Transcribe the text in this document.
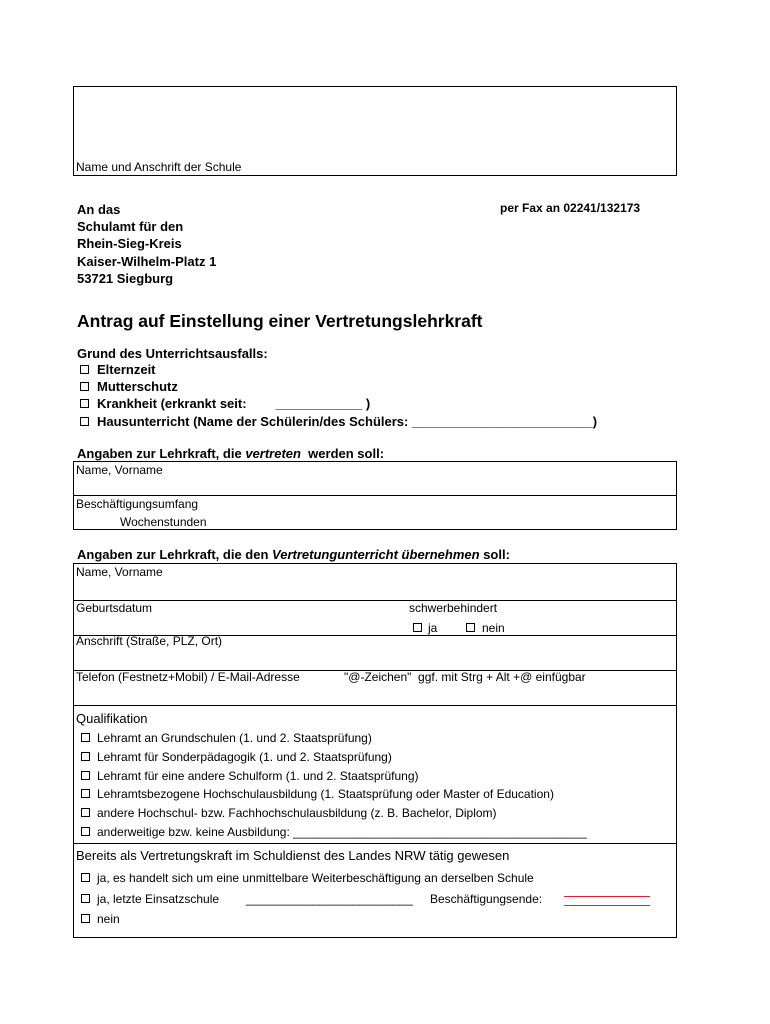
Name und Anschrift der Schule
An das
Schulamt für den
Rhein-Sieg-Kreis
Kaiser-Wilhelm-Platz 1
53721 Siegburg
per Fax an 02241/132173
Antrag auf Einstellung einer Vertretungslehrkraft
Grund des Unterrichtsausfalls:
Elternzeit
Mutterschutz
Krankheit (erkrankt seit:        ____________ )
Hausunterricht (Name der Schülerin/des Schülers: _________________________)
Angaben zur Lehrkraft, die vertreten  werden soll:
Name, Vorname
Beschäftigungsumfang
Wochenstunden
Angaben zur Lehrkraft, die den Vertretungunterricht übernehmen soll:
Name, Vorname
Geburtsdatum	schwerbehindert
ja	nein
Anschrift (Straße, PLZ, Ort)
Telefon (Festnetz+Mobil) / E-Mail-Adresse	"@-Zeichen"  ggf. mit Strg + Alt +@ einfügbar
Qualifikation
Lehramt an Grundschulen (1. und 2. Staatsprüfung)
Lehramt für Sonderpädagogik (1. und 2. Staatsprüfung)
Lehramt für eine andere Schulform (1. und 2. Staatsprüfung)
Lehramtsbezogene Hochschulausbildung (1. Staatsprüfung oder Master of Education)
andere Hochschul- bzw. Fachhochschulausbildung (z. B. Bachelor, Diplom)
anderweitige bzw. keine Ausbildung: ____________________________________________
Bereits als Vertretungskraft im Schuldienst des Landes NRW tätig gewesen
ja, es handelt sich um eine unmittelbare Weiterbeschäftigung an derselben Schule
ja, letzte Einsatzschule _________________________ Beschäftigungsende:
nein
